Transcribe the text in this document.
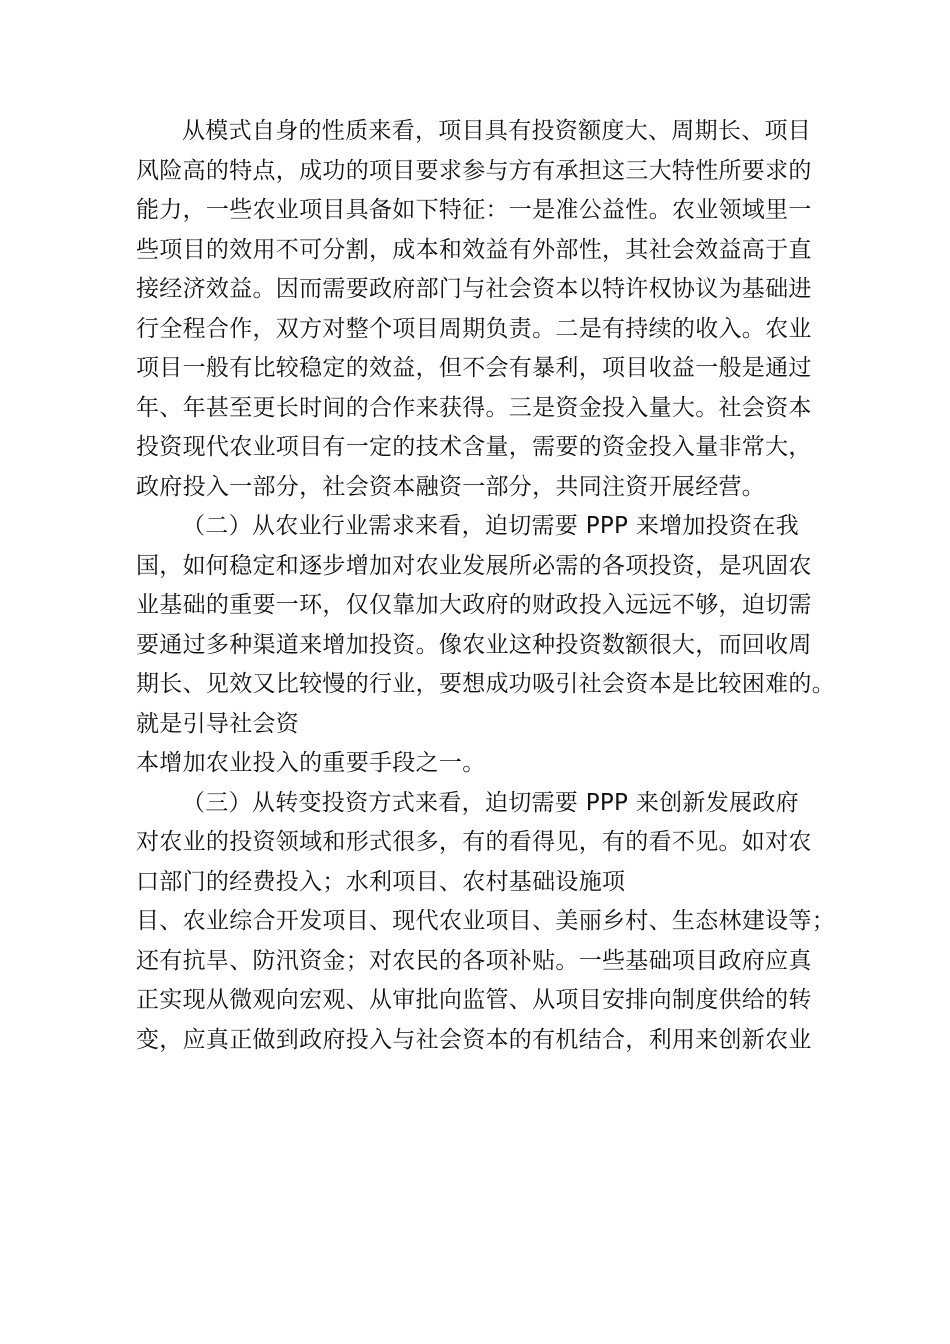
从模式自身的性质来看，项目具有投资额度大、周期长、项目
风险高的特点，成功的项目要求参与方有承担这三大特性所要求的
能力，一些农业项目具备如下特征：一是准公益性。农业领域里一
些项目的效用不可分割，成本和效益有外部性，其社会效益高于直
接经济效益。因而需要政府部门与社会资本以特许权协议为基础进
行全程合作，双方对整个项目周期负责。二是有持续的收入。农业
项目一般有比较稳定的效益，但不会有暴利，项目收益一般是通过
年、年甚至更长时间的合作来获得。三是资金投入量大。社会资本
投资现代农业项目有一定的技术含量，需要的资金投入量非常大，
政府投入一部分，社会资本融资一部分，共同注资开展经营。
（二）从农业行业需求来看，迫切需要 PPP 来增加投资在我
国，如何稳定和逐步增加对农业发展所必需的各项投资，是巩固农
业基础的重要一环，仅仅靠加大政府的财政投入远远不够，迫切需
要通过多种渠道来增加投资。像农业这种投资数额很大，而回收周
期长、见效又比较慢的行业，要想成功吸引社会资本是比较困难的。
就是引导社会资
本增加农业投入的重要手段之一。
（三）从转变投资方式来看，迫切需要 PPP 来创新发展政府
对农业的投资领域和形式很多，有的看得见，有的看不见。如对农
口部门的经费投入；水利项目、农村基础设施项
目、农业综合开发项目、现代农业项目、美丽乡村、生态林建设等；
还有抗旱、防汛资金；对农民的各项补贴。一些基础项目政府应真
正实现从微观向宏观、从审批向监管、从项目安排向制度供给的转
变，应真正做到政府投入与社会资本的有机结合，利用来创新农业
